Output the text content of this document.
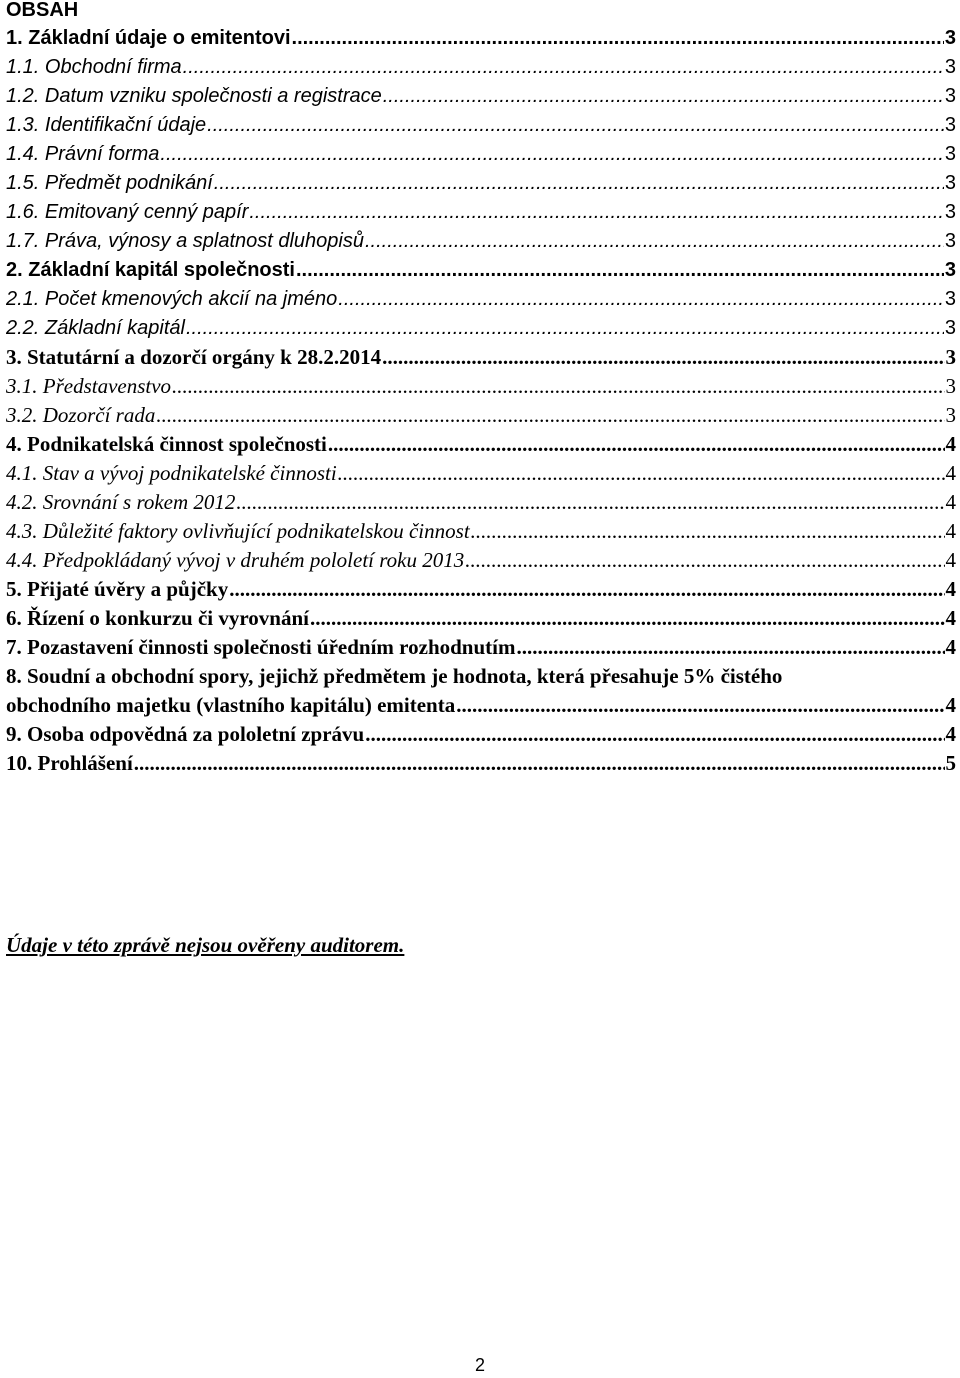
OBSAH
1. Základní údaje o emitentovi .....	3
1.1. Obchodní firma .....	3
1.2. Datum vzniku společnosti a registrace .....	3
1.3. Identifikační údaje .....	3
1.4. Právní forma .....	3
1.5. Předmět podnikání .....	3
1.6. Emitovaný cenný papír .....	3
1.7. Práva, výnosy a splatnost dluhopisů .....	3
2. Základní kapitál společnosti .....	3
2.1. Počet kmenových akcií na jméno .....	3
2.2. Základní kapitál .....	3
3. Statutární a dozorčí orgány k 28.2.2014 .....	3
3.1. Představenstvo .....	3
3.2. Dozorčí rada .....	3
4. Podnikatelská činnost společnosti .....	4
4.1. Stav a vývoj podnikatelské činnosti .....	4
4.2. Srovnání s rokem 2012 .....	4
4.3. Důležité faktory ovlivňující podnikatelskou činnost .....	4
4.4. Předpokládaný vývoj v druhém pololetí roku 2013 .....	4
5. Přijaté úvěry a půjčky .....	4
6. Řízení o konkurzu či vyrovnání .....	4
7. Pozastavení činnosti společnosti úředním rozhodnutím .....	4
8. Soudní a obchodní spory, jejichž předmětem je hodnota, která přesahuje 5% čistého
obchodního majetku (vlastního kapitálu) emitenta .....	4
9. Osoba odpovědná za pololetní zprávu .....	4
10. Prohlášení .....	5
Údaje v této zprávě nejsou ověřeny auditorem.
2
